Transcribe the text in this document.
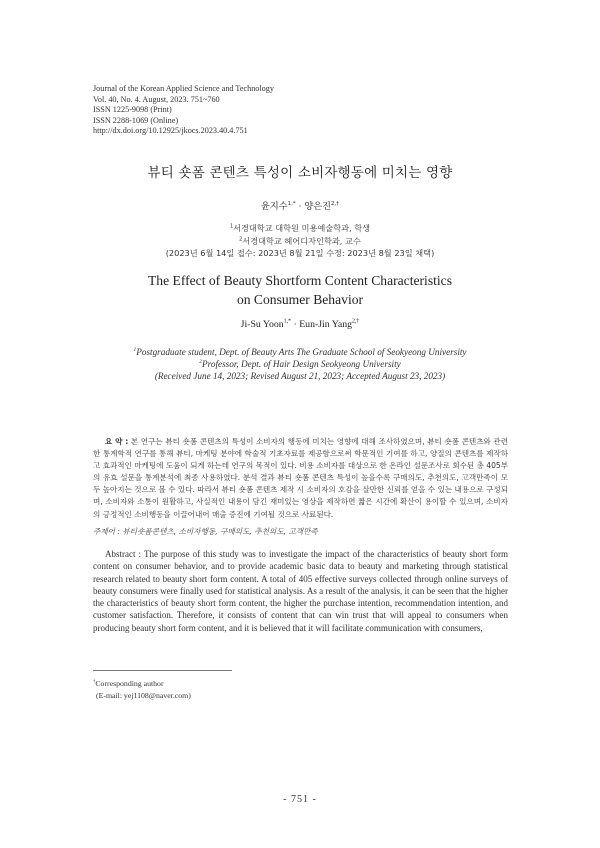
Journal of the Korean Applied Science and Technology
Vol. 40, No. 4. August, 2023. 751~760
ISSN 1225-9098 (Print)
ISSN 2288-1069 (Online)
http://dx.doi.org/10.12925/jkocs.2023.40.4.751
뷰티 숏폼 콘텐츠 특성이 소비자행동에 미치는 영향
윤지수$^{1,*}$ · 양은진$^{2,\dagger}$
$^1$서경대학교 대학원 미용예술학과, 학생
$^2$서경대학교 헤어디자인학과, 교수
(2023년 6월 14일 접수: 2023년 8월 21일 수정: 2023년 8월 23일 채택)
The Effect of Beauty Shortform Content Characteristics
on Consumer Behavior
Ji-Su Yoon$^{1,*}$ · Eun-Jin Yang$^{2,\dagger}$
$^1$Postgraduate student, Dept. of Beauty Arts The Graduate School of Seokyeong University
$^2$Professor, Dept. of Hair Design Seokyeong University
(Received June 14, 2023; Revised August 21, 2023; Accepted August 23, 2023)
요 약 : 본 연구는 뷰티 숏폼 콘텐츠의 특성이 소비자의 행동에 미치는 영향에 대해 조사하였으며, 뷰티 숏폼 콘텐츠와 관련한 통계학적 연구를 통해 뷰티, 마케팅 분야에 학술적 기초자료를 제공함으로써 학문적인 기여를 하고, 양질의 콘텐츠를 제작하고 효과적인 마케팅에 도움이 되게 하는데 연구의 목적이 있다. 비용 소비자를 대상으로 한 온라인 설문조사로 회수된 총 405부의 유효 설문을 통계분석에 최종 사용하였다. 분석 결과 뷰티 숏폼 콘텐츠 특성이 높을수록 구매의도, 추천의도, 고객만족이 모두 높아지는 것으로 볼 수 있다. 따라서 뷰티 숏폼 콘텐츠 제작 시 소비자의 호감을 살만한 신뢰를 얻을 수 있는 내용으로 구성되며, 소비자와 소통이 원활하고, 사실적인 내용이 담긴 재미있는 영상을 제작하면 짧은 시간에 확산이 용이할 수 있으며, 소비자의 긍정적인 소비행동을 이끌어내어 매출 증진에 기여될 것으로 사료된다.
주제어 : 뷰티숏폼콘텐츠, 소비자행동, 구매의도, 추천의도, 고객만족
Abstract : The purpose of this study was to investigate the impact of the characteristics of beauty short form content on consumer behavior, and to provide academic basic data to beauty and marketing through statistical research related to beauty short form content. A total of 405 effective surveys collected through online surveys of beauty consumers were finally used for statistical analysis. As a result of the analysis, it can be seen that the higher the characteristics of beauty short form content, the higher the purchase intention, recommendation intention, and customer satisfaction. Therefore, it consists of content that can win trust that will appeal to consumers when producing beauty short form content, and it is believed that it will facilitate communication with consumers,
†Corresponding author
(E-mail: yej1108@naver.com)
- 751 -
